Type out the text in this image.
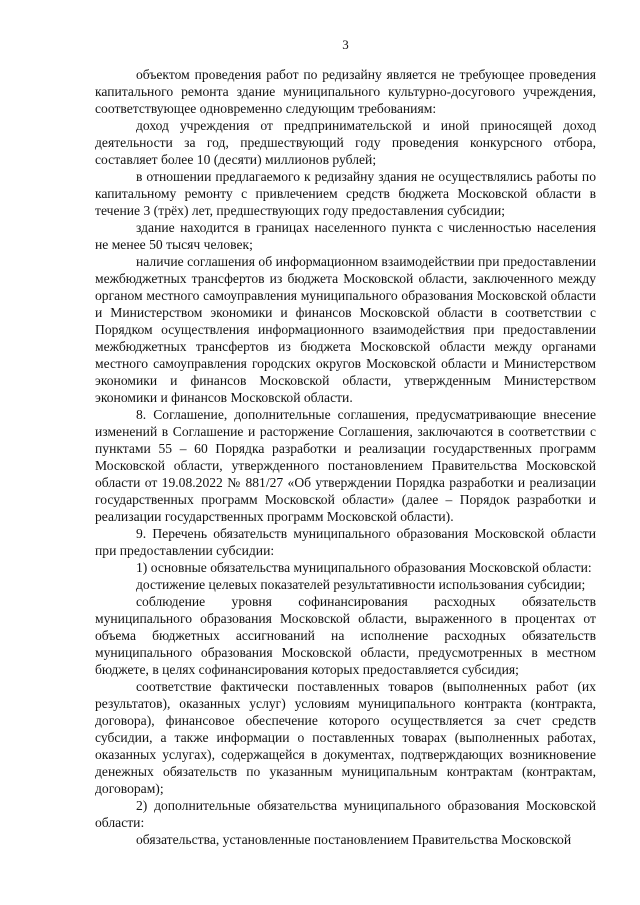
3

объектом проведения работ по редизайну является не требующее проведения капитального ремонта здание муниципального культурно-досугового учреждения, соответствующее одновременно следующим требованиям:

доход учреждения от предпринимательской и иной приносящей доход деятельности за год, предшествующий году проведения конкурсного отбора, составляет более 10 (десяти) миллионов рублей;

в отношении предлагаемого к редизайну здания не осуществлялись работы по капитальному ремонту с привлечением средств бюджета Московской области в течение 3 (трёх) лет, предшествующих году предоставления субсидии;

здание находится в границах населенного пункта с численностью населения не менее 50 тысяч человек;

наличие соглашения об информационном взаимодействии при предоставлении межбюджетных трансфертов из бюджета Московской области, заключенного между органом местного самоуправления муниципального образования Московской области и Министерством экономики и финансов Московской области в соответствии с Порядком осуществления информационного взаимодействия при предоставлении межбюджетных трансфертов из бюджета Московской области между органами местного самоуправления городских округов Московской области и Министерством экономики и финансов Московской области, утвержденным Министерством экономики и финансов Московской области.

8. Соглашение, дополнительные соглашения, предусматривающие внесение изменений в Соглашение и расторжение Соглашения, заключаются в соответствии с пунктами 55 – 60 Порядка разработки и реализации государственных программ Московской области, утвержденного постановлением Правительства Московской области от 19.08.2022 № 881/27 «Об утверждении Порядка разработки и реализации государственных программ Московской области» (далее – Порядок разработки и реализации государственных программ Московской области).

9. Перечень обязательств муниципального образования Московской области при предоставлении субсидии:

1) основные обязательства муниципального образования Московской области:

достижение целевых показателей результативности использования субсидии;

соблюдение уровня софинансирования расходных обязательств муниципального образования Московской области, выраженного в процентах от объема бюджетных ассигнований на исполнение расходных обязательств муниципального образования Московской области, предусмотренных в местном бюджете, в целях софинансирования которых предоставляется субсидия;

соответствие фактически поставленных товаров (выполненных работ (их результатов), оказанных услуг) условиям муниципального контракта (контракта, договора), финансовое обеспечение которого осуществляется за счет средств субсидии, а также информации о поставленных товарах (выполненных работах, оказанных услугах), содержащейся в документах, подтверждающих возникновение денежных обязательств по указанным муниципальным контрактам (контрактам, договорам);

2) дополнительные обязательства муниципального образования Московской области:

обязательства, установленные постановлением Правительства Московской
